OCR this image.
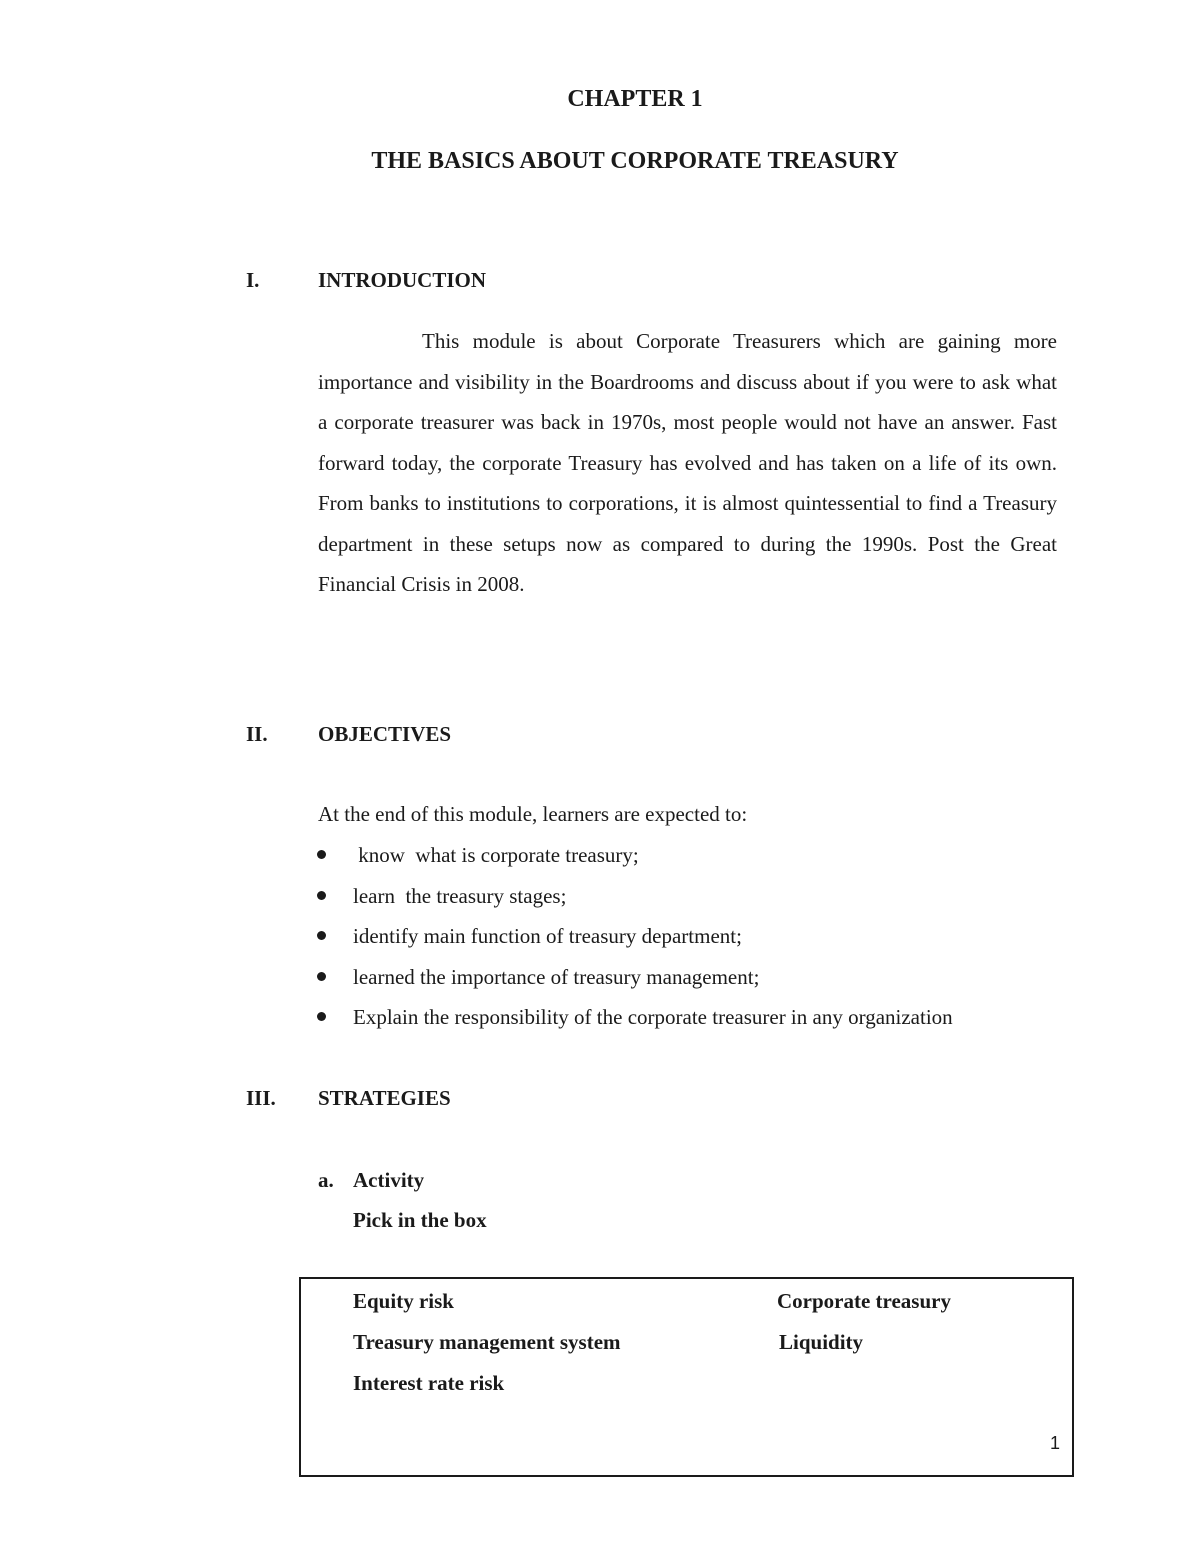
CHAPTER 1
THE BASICS ABOUT CORPORATE TREASURY
I.	INTRODUCTION

This module is about Corporate Treasurers which are gaining more importance and visibility in the Boardrooms and discuss about if you were to ask what a corporate treasurer was back in 1970s, most people would not have an answer. Fast forward today, the corporate Treasury has evolved and has taken on a life of its own. From banks to institutions to corporations, it is almost quintessential to find a Treasury department in these setups now as compared to during the 1990s. Post the Great Financial Crisis in 2008.

II. OBJECTIVES
At the end of this module, learners are expected to:
know  what is corporate treasury;
learn  the treasury stages;
identify main function of treasury department;
learned the importance of treasury management;
Explain the responsibility of the corporate treasurer in any organization
III. STRATEGIES
a. Activity
Pick in the box
Equity risk
Treasury management system
Interest rate risk
Corporate treasury
Liquidity
1
